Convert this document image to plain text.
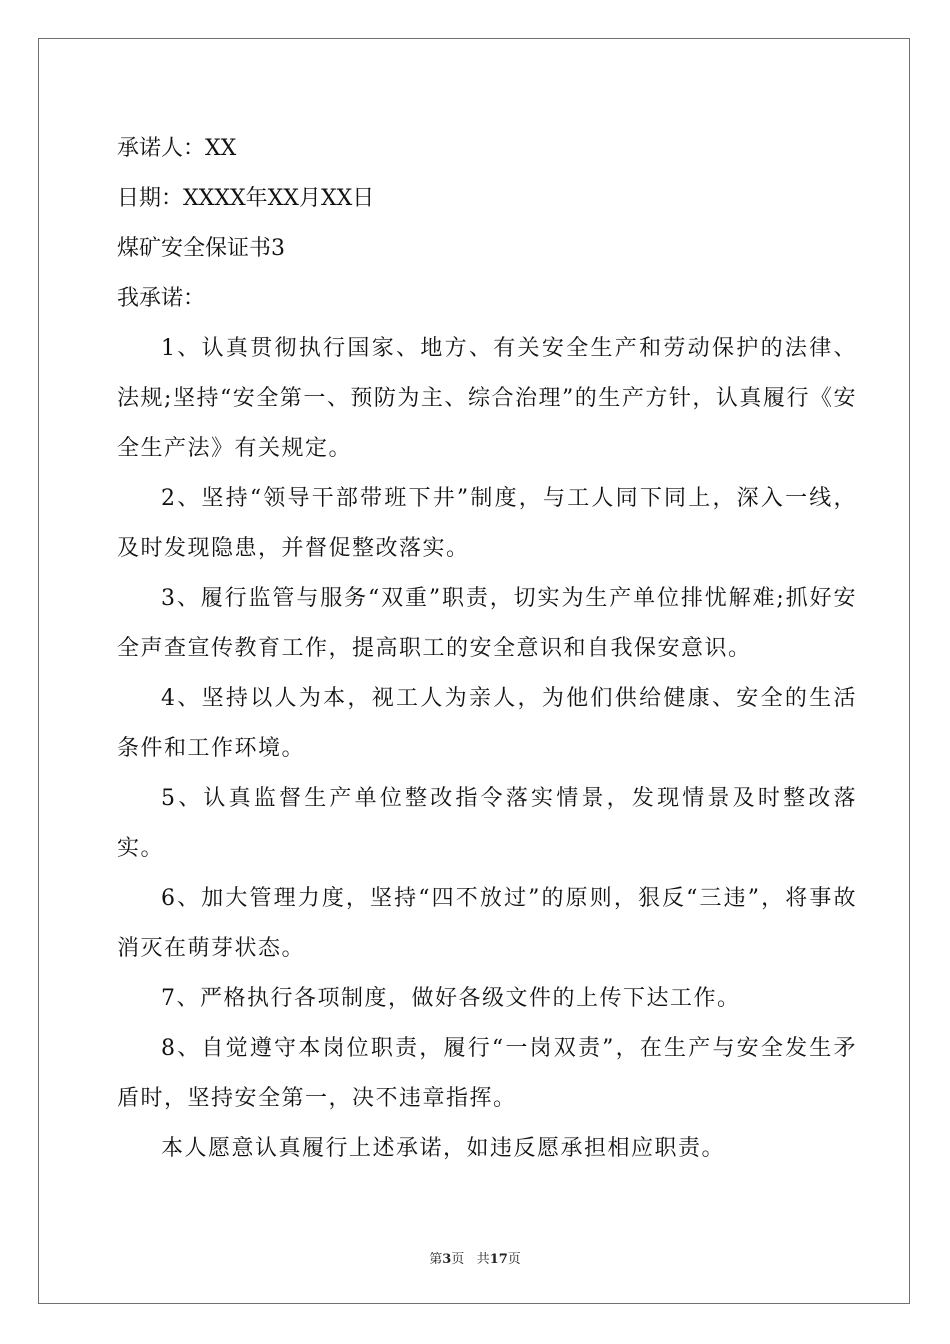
承诺人：XX

日期：XXXX年XX月XX日

煤矿安全保证书3

我承诺：

1、认真贯彻执行国家、地方、有关安全生产和劳动保护的法律、法规;坚持“安全第一、预防为主、综合治理”的生产方针，认真履行《安全生产法》有关规定。

2、坚持“领导干部带班下井”制度，与工人同下同上，深入一线，及时发现隐患，并督促整改落实。

3、履行监管与服务“双重”职责，切实为生产单位排忧解难;抓好安全声查宣传教育工作，提高职工的安全意识和自我保安意识。

4、坚持以人为本，视工人为亲人，为他们供给健康、安全的生活条件和工作环境。

5、认真监督生产单位整改指令落实情景，发现情景及时整改落实。

6、加大管理力度，坚持“四不放过”的原则，狠反“三违”，将事故消灭在萌芽状态。

7、严格执行各项制度，做好各级文件的上传下达工作。

8、自觉遵守本岗位职责，履行“一岗双责”，在生产与安全发生矛盾时，坚持安全第一，决不违章指挥。

本人愿意认真履行上述承诺，如违反愿承担相应职责。

第3页 共17页
